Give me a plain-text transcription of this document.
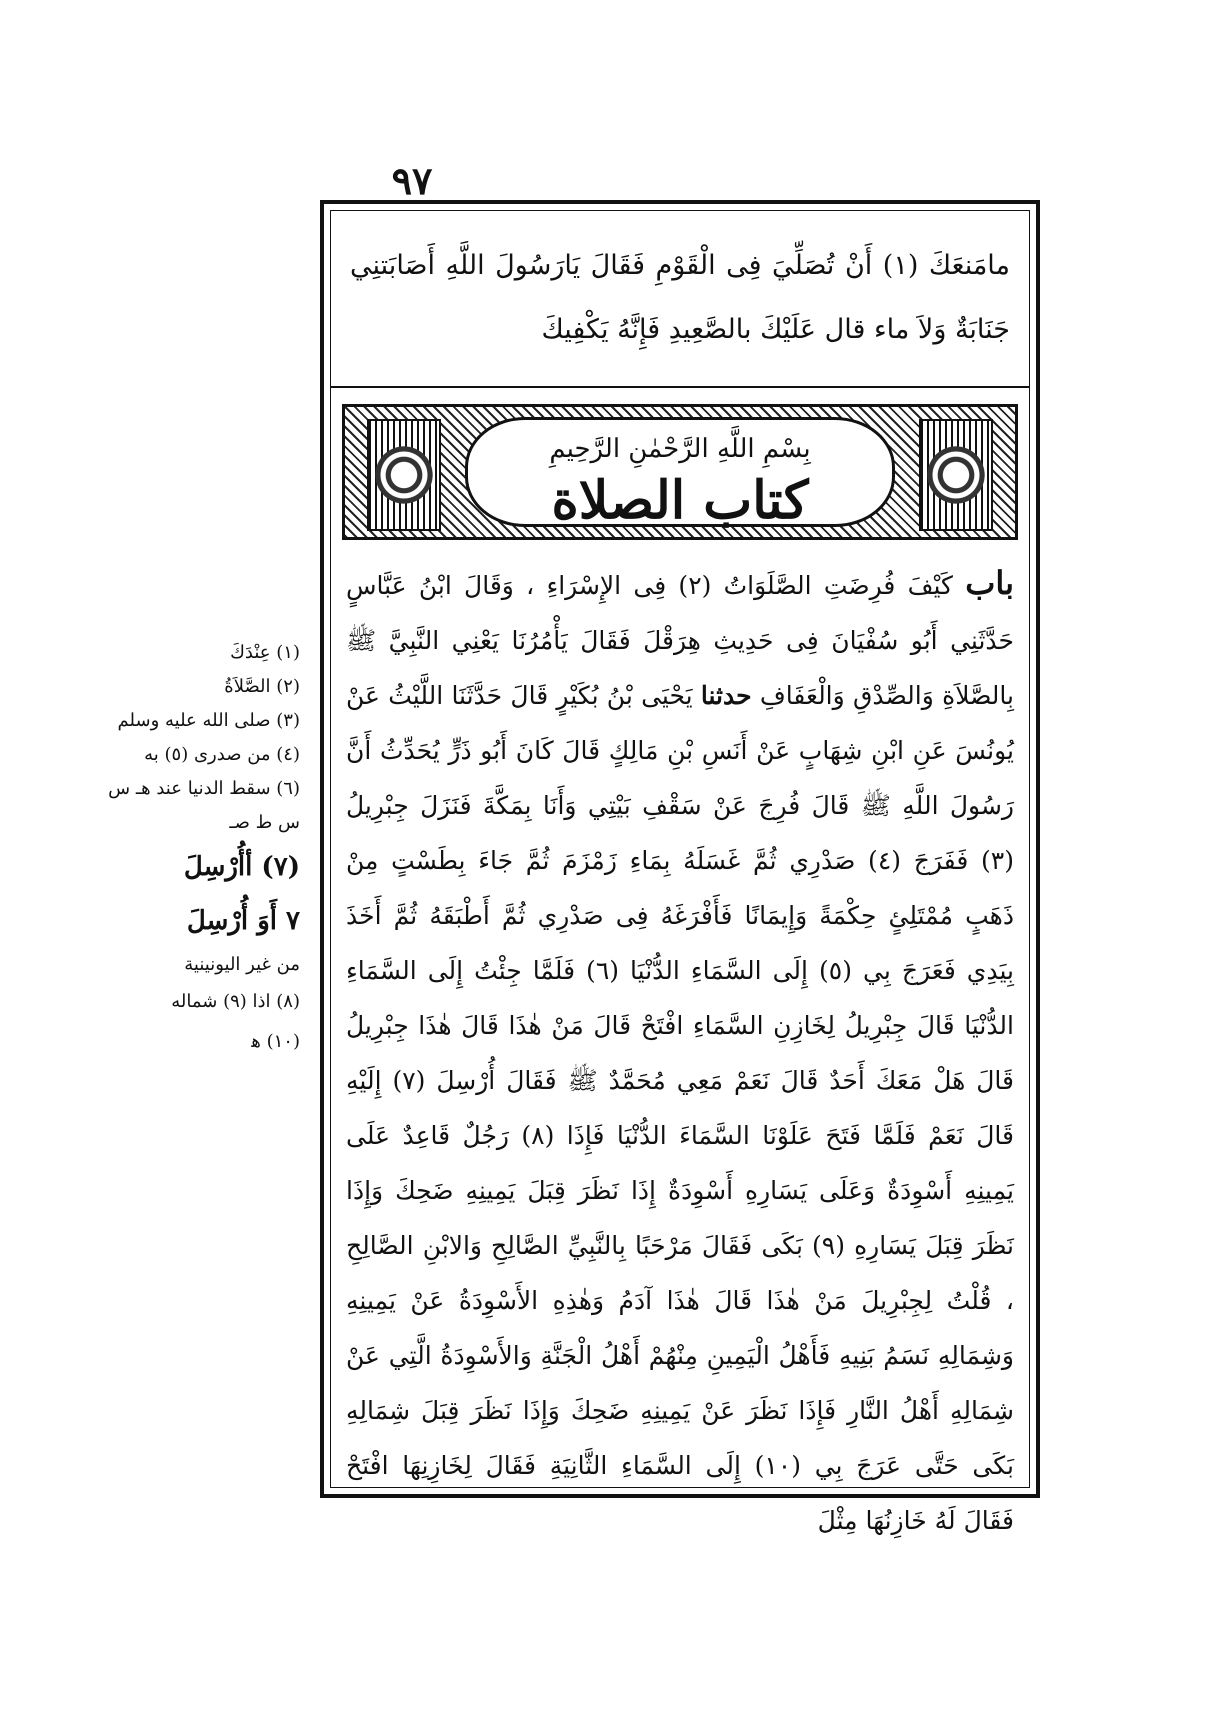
٩٧
مامَنعَكَ (١) أَنْ تُصَلِّيَ فِى الْقَوْمِ فَقَالَ يَارَسُولَ اللَّهِ أَصَابَتنِي جَنَابَةٌ وَلاَ ماء قال عَلَيْكَ بالصَّعِيدِ فَإِنَّهُ يَكْفِيكَ
بِسْمِ اللَّهِ الرَّحْمٰنِ الرَّحِيمِ
كتاب الصلاة

باب كَيْفَ فُرِضَتِ الصَّلَوَاتُ (٢) فِى الإِسْرَاءِ ، وَقَالَ ابْنُ عَبَّاسٍ حَدَّثَنِي أَبُو سُفْيَانَ فِى حَدِيثِ هِرَقْلَ فَقَالَ يَأْمُرُنَا يَعْنِي النَّبِيَّ ﷺ بِالصَّلاَةِ وَالصِّدْقِ وَالْعَفَافِ حدثنا يَحْيَى بْنُ بُكَيْرٍ قَالَ حَدَّثَنَا اللَّيْثُ عَنْ يُونُسَ عَنِ ابْنِ شِهَابٍ عَنْ أَنَسِ بْنِ مَالِكٍ قَالَ كَانَ أَبُو ذَرٍّ يُحَدِّثُ أَنَّ رَسُولَ اللَّهِ ﷺ قَالَ فُرِجَ عَنْ سَقْفِ بَيْتِي وَأَنَا بِمَكَّةَ فَنَزَلَ جِبْرِيلُ (٣) فَفَرَجَ (٤) صَدْرِي ثُمَّ غَسَلَهُ بِمَاءِ زَمْزَمَ ثُمَّ جَاءَ بِطَسْتٍ مِنْ ذَهَبٍ مُمْتَلِئٍ حِكْمَةً وَإِيمَانًا فَأَفْرَغَهُ فِى صَدْرِي ثُمَّ أَطْبَقَهُ ثُمَّ أَخَذَ بِيَدِي فَعَرَجَ بِي (٥) إِلَى السَّمَاءِ الدُّنْيَا (٦) فَلَمَّا جِئْتُ إِلَى السَّمَاءِ الدُّنْيَا قَالَ جِبْرِيلُ لِخَازِنِ السَّمَاءِ افْتَحْ قَالَ مَنْ هٰذَا قَالَ هٰذَا جِبْرِيلُ قَالَ هَلْ مَعَكَ أَحَدٌ قَالَ نَعَمْ مَعِي مُحَمَّدٌ ﷺ فَقَالَ أُرْسِلَ (٧) إِلَيْهِ قَالَ نَعَمْ فَلَمَّا فَتَحَ عَلَوْنَا السَّمَاءَ الدُّنْيَا فَإِذَا (٨) رَجُلٌ قَاعِدٌ عَلَى يَمِينِهِ أَسْوِدَةٌ وَعَلَى يَسَارِهِ أَسْوِدَةٌ إِذَا نَظَرَ قِبَلَ يَمِينِهِ ضَحِكَ وَإِذَا نَظَرَ قِبَلَ يَسَارِهِ (٩) بَكَى فَقَالَ مَرْحَبًا بِالنَّبِيِّ الصَّالِحِ وَالابْنِ الصَّالِحِ ، قُلْتُ لِجِبْرِيلَ مَنْ هٰذَا قَالَ هٰذَا آدَمُ وَهٰذِهِ الأَسْوِدَةُ عَنْ يَمِينِهِ وَشِمَالِهِ نَسَمُ بَنِيهِ فَأَهْلُ الْيَمِينِ مِنْهُمْ أَهْلُ الْجَنَّةِ وَالأَسْوِدَةُ الَّتِي عَنْ شِمَالِهِ أَهْلُ النَّارِ فَإِذَا نَظَرَ عَنْ يَمِينِهِ ضَحِكَ وَإِذَا نَظَرَ قِبَلَ شِمَالِهِ بَكَى حَتَّى عَرَجَ بِي (١٠) إِلَى السَّمَاءِ الثَّانِيَةِ فَقَالَ لِخَازِنِهَا افْتَحْ فَقَالَ لَهُ خَازِنُهَا مِثْلَ

(١) عِنْدَكَ
(٢) الصَّلاَةُ
(٣) صلى الله عليه وسلم
(٤) من صدرى (٥) به
(٦) سقط الدنيا عند هـ س
س ط صـ
(٧) أأُرْسِلَ
٧ أَوَ أُرْسِلَ
من غير اليونينية
(٨) اذا (٩) شماله
(١٠) ﻫ
